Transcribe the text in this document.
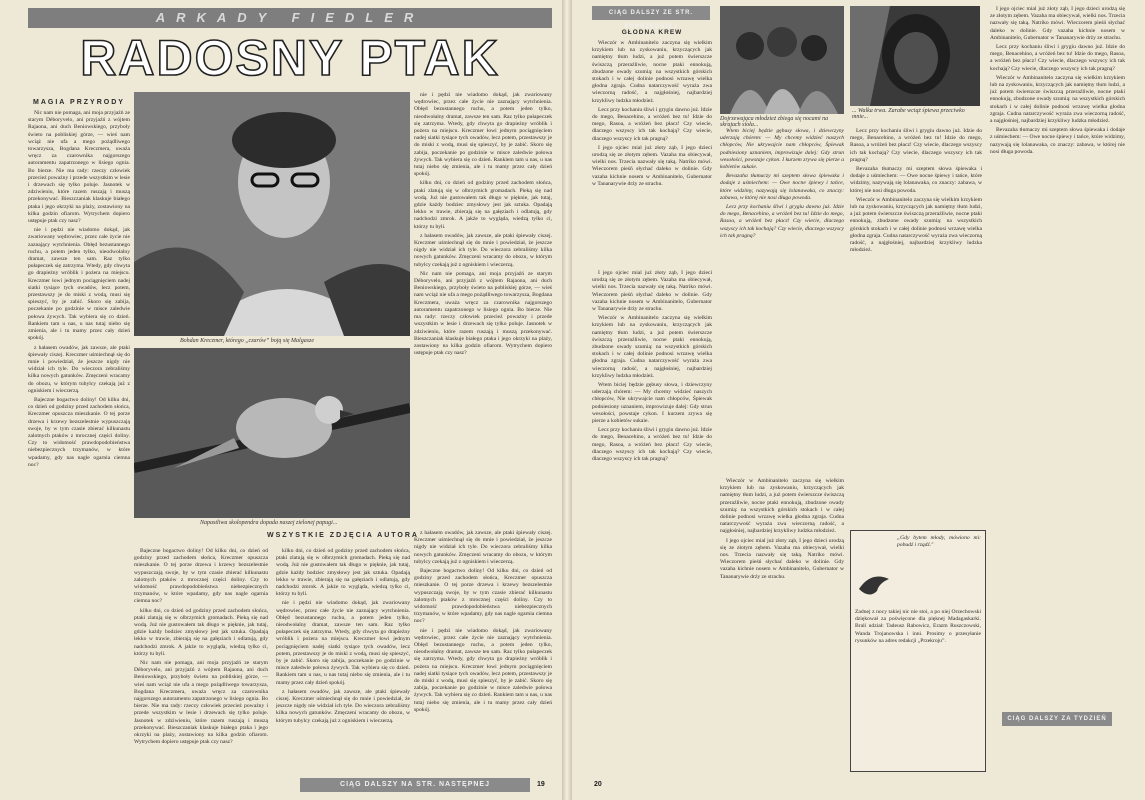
ARKADY FIEDLER
RADOSNY PTAK
MAGIA PRZYRODY

Nic nam nie pomaga, ani moja przyjaźń ze starym Déboryvelo, ani przyjaźń z wójtem Rajaona, ani duch Beniowskiego, przyboły świeto na pobliskiej górze, — wieś nam wciąż nie ufa a mego pożądliwego towarzysza, Bogdana Kreczmera, uważa wręcz za czarownika najgorszego autoramentu zapatrzonego w lisiego ognia. Bo bierze. Nie ma rady: rzeczy człowiek przecież poważny i przede wszystkim w lesie i drzewach się tylko poluje. Jasnotek w zdziwieniu, które razem ruszają i muszą przekonywać. Bieszczaniak klaskuje białego ptaka i jego okrzyki na plaży, zostawiony na kilka godzin ofiarom. Wytrychem dopiero ustępuje ptak czy nasz?

nie i pędzi nie wiadomo dokąd, jak zwariowany wędrowiec, przez całe życie nie zaznający wytchnienia. Obłęd bezustannego ruchu, a potem jeden tylko, nieodwołalny dramat, zawsze ten sam. Raz tylko pułapeczek się zatrzyma. Wtedy, gdy chwyta go drapieżny wróblik i pożera na miejscu. Kreczmer łowi jednym pociągnięciem nadej siatki tysiące tych owadów, lecz potem, przestawszy je do miski z wodą, musi się spieszyć, by je zabić. Skoro się zabija, poczekanie po godzinie w misce zaledwie połowa żywych. Tak wybiera się co dzień. Rankiem tam u nas, u nas tutaj niebo się zmienia, ale i tu mamy przez cały dzień spokój.

z hałasem owadów, jak zawsze, ale ptaki śpiewały ciszej. Kreczmer uśmiechnął się do mnie i powiedział, że jeszcze nigdy nie widział ich tyle. Do wieczora zebraliśmy kilka nowych gatunków. Zmęczeni wracamy do obozu, w którym tubylcy czekają już z ogniskiem i wieczerzą.

Bajeczne bogactwo doliny! Od kilku dni, co dzień od godziny przed zachodem słońca, Kreczmer opuszcza mieszkanie. O tej porze drzewa i krzewy bezszelestnie wypuszczają swoje, by w tym czasie zbierać kilkunastu zalotnych ptaków z mrocznej części doliny. Czy to widomość prawdopodobieństwa niebezpiecznych trzymanów, w które wpadamy, gdy nas nagle ogarnia ciemna noc?

Bohdan Kreczmer, którego „czarów” boją się Malgasze
Napastliwa skolopendra dopada naszej zielonej papugi...

nie i pędzi nie wiadomo dokąd, jak zwariowany wędrowiec, przez całe życie nie zaznający wytchnienia. Obłęd bezustannego ruchu, a potem jeden tylko, nieodwołalny dramat, zawsze ten sam. Raz tylko pułapeczek się zatrzyma. Wtedy, gdy chwyta go drapieżny wróblik i pożera na miejscu. Kreczmer łowi jednym pociągnięciem nadej siatki tysiące tych owadów, lecz potem, przestawszy je do miski z wodą, musi się spieszyć, by je zabić. Skoro się zabija, poczekanie po godzinie w misce zaledwie połowa żywych. Tak wybiera się co dzień. Rankiem tam u nas, u nas tutaj niebo się zmienia, ale i tu mamy przez cały dzień spokój.

kilku dni, co dzień od godziny przed zachodem słońca, ptaki zlatują się w olbrzymich gromadach. Pieką się nad wodą. Już nie gustowałem tak długo w pięknie, jak tutaj, gdzie każdy bodziec zmysłowy jest jak sztuka. Opadają lekko w trawie, zbierają się na gałęziach i odlatują, gdy nadchodzi zmrok. A jakże to wygląda, wiedzą tylko ci, którzy tu byli.

z hałasem owadów, jak zawsze, ale ptaki śpiewały ciszej. Kreczmer uśmiechnął się do mnie i powiedział, że jeszcze nigdy nie widział ich tyle. Do wieczora zebraliśmy kilka nowych gatunków. Zmęczeni wracamy do obozu, w którym tubylcy czekają już z ogniskiem i wieczerzą.

Nic nam nie pomaga, ani moja przyjaźń ze starym Déboryvelo, ani przyjaźń z wójtem Rajaona, ani duch Beniowskiego, przyboły świeto na pobliskiej górze, — wieś nam wciąż nie ufa a mego pożądliwego towarzysza, Bogdana Kreczmera, uważa wręcz za czarownika najgorszego autoramentu zapatrzonego w lisiego ognia. Bo bierze. Nie ma rady: rzeczy człowiek przecież poważny i przede wszystkim w lesie i drzewach się tylko poluje. Jasnotek w zdziwieniu, które razem ruszają i muszą przekonywać. Bieszczaniak klaskuje białego ptaka i jego okrzyki na plaży, zostawiony na kilka godzin ofiarom. Wytrychem dopiero ustępuje ptak czy nasz?

WSZYSTKIE ZDJĘCIA AUTORA

Bajeczne bogactwo doliny! Od kilku dni, co dzień od godziny przed zachodem słońca, Kreczmer opuszcza mieszkanie. O tej porze drzewa i krzewy bezszelestnie wypuszczają swoje, by w tym czasie zbierać kilkunastu zalotnych ptaków z mrocznej części doliny. Czy to widomość prawdopodobieństwa niebezpiecznych trzymanów, w które wpadamy, gdy nas nagle ogarnia ciemna noc?

kilku dni, co dzień od godziny przed zachodem słońca, ptaki zlatują się w olbrzymich gromadach. Pieką się nad wodą. Już nie gustowałem tak długo w pięknie, jak tutaj, gdzie każdy bodziec zmysłowy jest jak sztuka. Opadają lekko w trawie, zbierają się na gałęziach i odlatują, gdy nadchodzi zmrok. A jakże to wygląda, wiedzą tylko ci, którzy tu byli.

Nic nam nie pomaga, ani moja przyjaźń ze starym Déboryvelo, ani przyjaźń z wójtem Rajaona, ani duch Beniowskiego, przyboły świeto na pobliskiej górze, — wieś nam wciąż nie ufa a mego pożądliwego towarzysza, Bogdana Kreczmera, uważa wręcz za czarownika najgorszego autoramentu zapatrzonego w lisiego ognia. Bo bierze. Nie ma rady: rzeczy człowiek przecież poważny i przede wszystkim w lesie i drzewach się tylko poluje. Jasnotek w zdziwieniu, które razem ruszają i muszą przekonywać. Bieszczaniak klaskuje białego ptaka i jego okrzyki na plaży, zostawiony na kilka godzin ofiarom. Wytrychem dopiero ustępuje ptak czy nasz?

kilku dni, co dzień od godziny przed zachodem słońca, ptaki zlatują się w olbrzymich gromadach. Pieką się nad wodą. Już nie gustowałem tak długo w pięknie, jak tutaj, gdzie każdy bodziec zmysłowy jest jak sztuka. Opadają lekko w trawie, zbierają się na gałęziach i odlatują, gdy nadchodzi zmrok. A jakże to wygląda, wiedzą tylko ci, którzy tu byli.

nie i pędzi nie wiadomo dokąd, jak zwariowany wędrowiec, przez całe życie nie zaznający wytchnienia. Obłęd bezustannego ruchu, a potem jeden tylko, nieodwołalny dramat, zawsze ten sam. Raz tylko pułapeczek się zatrzyma. Wtedy, gdy chwyta go drapieżny wróblik i pożera na miejscu. Kreczmer łowi jednym pociągnięciem nadej siatki tysiące tych owadów, lecz potem, przestawszy je do miski z wodą, musi się spieszyć, by je zabić. Skoro się zabija, poczekanie po godzinie w misce zaledwie połowa żywych. Tak wybiera się co dzień. Rankiem tam u nas, u nas tutaj niebo się zmienia, ale i tu mamy przez cały dzień spokój.

z hałasem owadów, jak zawsze, ale ptaki śpiewały ciszej. Kreczmer uśmiechnął się do mnie i powiedział, że jeszcze nigdy nie widział ich tyle. Do wieczora zebraliśmy kilka nowych gatunków. Zmęczeni wracamy do obozu, w którym tubylcy czekają już z ogniskiem i wieczerzą.

z hałasem owadów, jak zawsze, ale ptaki śpiewały ciszej. Kreczmer uśmiechnął się do mnie i powiedział, że jeszcze nigdy nie widział ich tyle. Do wieczora zebraliśmy kilka nowych gatunków. Zmęczeni wracamy do obozu, w którym tubylcy czekają już z ogniskiem i wieczerzą.

Bajeczne bogactwo doliny! Od kilku dni, co dzień od godziny przed zachodem słońca, Kreczmer opuszcza mieszkanie. O tej porze drzewa i krzewy bezszelestnie wypuszczają swoje, by w tym czasie zbierać kilkunastu zalotnych ptaków z mrocznej części doliny. Czy to widomość prawdopodobieństwa niebezpiecznych trzymanów, w które wpadamy, gdy nas nagle ogarnia ciemna noc?

nie i pędzi nie wiadomo dokąd, jak zwariowany wędrowiec, przez całe życie nie zaznający wytchnienia. Obłęd bezustannego ruchu, a potem jeden tylko, nieodwołalny dramat, zawsze ten sam. Raz tylko pułapeczek się zatrzyma. Wtedy, gdy chwyta go drapieżny wróblik i pożera na miejscu. Kreczmer łowi jednym pociągnięciem nadej siatki tysiące tych owadów, lecz potem, przestawszy je do miski z wodą, musi się spieszyć, by je zabić. Skoro się zabija, poczekanie po godzinie w misce zaledwie połowa żywych. Tak wybiera się co dzień. Rankiem tam u nas, u nas tutaj niebo się zmienia, ale i tu mamy przez cały dzień spokój.

CIĄG DALSZY NA STR. NASTĘPNEJ	19
CIĄG DALSZY ZE STR. POPRZEDNIEJ
GŁODNA KREW

Wieczór w Ambinanitelo zaczyna się wielkim krzykiem lub na zyskowaniu, krzyczących jak namiętny tłum ludzi, a już potem świerszcze świszczą przeraźliwie, nocne ptaki ennokują, zbudzone owady szumią: na wszystkich górskich stokach i w całej dolinie podnosi wrzawę wielka głodna zgraja. Cudna natarczywość wyraża zwa wieczorną radość, a najgłośniej, najbardziej krzykliwy ludzka młodzież.

Lecz przy kochaniu śliwi i grygiu dawno już. Idzie do mego, Benacehino, a wróżeń bez tu! Idzie do mego, Rasoa, a wróżeń bez płacz! Czy wiecie, dlaczego wszyscy ich tak kochają? Czy wiecie, dlaczego wszyscy ich tak pragną?

I jego ojciec mial już złoty ząb, I jego dzieci urodzą się ze złotym zębem. Vazaha ma obiecywał, wielki nos. Trzecia nazwały się taką. Natriko mówi. Wieczorem pieśń słychać daleko w dolinie. Gdy vazaha kichnie nosem w Ambinanitelo, Gubernator w Tananarywie drży ze strachu.

Dojrzewająca młodzież zbiega się nocami na skrajach sioła...
... Walka trwa. Zarabe wciąż śpiewa przeciwko mnie...

Wtem biciej będzie gębusy słowa, i dziewczyny uderzają chórem: — My chcemy widzieć naszych chłopców, Nie ukrywajcie nam chłopców, Śpiewak podniesiony uznaniem, improwizuje dalej: Gdy strun wesołości, powstaje cykon. I kurzem zrywa się pierze a kobietów sukaie.

Bevazaha tłumaczy mi szeptem słowa śpiewaka i dodaje z uśmiechem: — Owe nocne śpiewy i tańce, które widzimy, nazywają się lolanawaka, co znaczy: zabawa, w której nie nosi długa powoda.

Lecz przy kochaniu śliwi i grygiu dawno już. Idzie do mego, Benacehino, a wróżeń bez tu! Idzie do mego, Rasoa, a wróżeń bez płacz! Czy wiecie, dlaczego wszyscy ich tak kochają? Czy wiecie, dlaczego wszyscy ich tak pragną?

Lecz przy kochaniu śliwi i grygiu dawno już. Idzie do mego, Benacehino, a wróżeń bez tu! Idzie do mego, Rasoa, a wróżeń bez płacz! Czy wiecie, dlaczego wszyscy ich tak kochają? Czy wiecie, dlaczego wszyscy ich tak pragną?

Bevazaha tłumaczy mi szeptem słowa śpiewaka i dodaje z uśmiechem: — Owe nocne śpiewy i tańce, które widzimy, nazywają się lolanawaka, co znaczy: zabawa, w której nie nosi długa powoda.

Wieczór w Ambinanitelo zaczyna się wielkim krzykiem lub na zyskowaniu, krzyczących jak namiętny tłum ludzi, a już potem świerszcze świszczą przeraźliwie, nocne ptaki ennokują, zbudzone owady szumią: na wszystkich górskich stokach i w całej dolinie podnosi wrzawę wielka głodna zgraja. Cudna natarczywość wyraża zwa wieczorną radość, a najgłośniej, najbardziej krzykliwy ludzka młodzież.

I jego ojciec mial już złoty ząb, I jego dzieci urodzą się ze złotym zębem. Vazaha ma obiecywał, wielki nos. Trzecia nazwały się taką. Natriko mówi. Wieczorem pieśń słychać daleko w dolinie. Gdy vazaha kichnie nosem w Ambinanitelo, Gubernator w Tananarywie drży ze strachu.

Wieczór w Ambinanitelo zaczyna się wielkim krzykiem lub na zyskowaniu, krzyczących jak namiętny tłum ludzi, a już potem świerszcze świszczą przeraźliwie, nocne ptaki ennokują, zbudzone owady szumią: na wszystkich górskich stokach i w całej dolinie podnosi wrzawę wielka głodna zgraja. Cudna natarczywość wyraża zwa wieczorną radość, a najgłośniej, najbardziej krzykliwy ludzka młodzież.

Wtem biciej będzie gębusy słowa, i dziewczyny uderzają chórem: — My chcemy widzieć naszych chłopców, Nie ukrywajcie nam chłopców, Śpiewak podniesiony uznaniem, improwizuje dalej: Gdy strun wesołości, powstaje cykon. I kurzem zrywa się pierze a kobietów sukaie.

Lecz przy kochaniu śliwi i grygiu dawno już. Idzie do mego, Benacehino, a wróżeń bez tu! Idzie do mego, Rasoa, a wróżeń bez płacz! Czy wiecie, dlaczego wszyscy ich tak kochają? Czy wiecie, dlaczego wszyscy ich tak pragną?

Wieczór w Ambinanitelo zaczyna się wielkim krzykiem lub na zyskowaniu, krzyczących jak namiętny tłum ludzi, a już potem świerszcze świszczą przeraźliwie, nocne ptaki ennokują, zbudzone owady szumią: na wszystkich górskich stokach i w całej dolinie podnosi wrzawę wielka głodna zgraja. Cudna natarczywość wyraża zwa wieczorną radość, a najgłośniej, najbardziej krzykliwy ludzka młodzież.

I jego ojciec mial już złoty ząb, I jego dzieci urodzą się ze złotym zębem. Vazaha ma obiecywał, wielki nos. Trzecia nazwały się taką. Natriko mówi. Wieczorem pieśń słychać daleko w dolinie. Gdy vazaha kichnie nosem w Ambinanitelo, Gubernator w Tananarywie drży ze strachu.

I jego ojciec mial już złoty ząb, I jego dzieci urodzą się ze złotym zębem. Vazaha ma obiecywał, wielki nos. Trzecia nazwały się taką. Natriko mówi. Wieczorem pieśń słychać daleko w dolinie. Gdy vazaha kichnie nosem w Ambinanitelo, Gubernator w Tananarywie drży ze strachu.

Lecz przy kochaniu śliwi i grygiu dawno już. Idzie do mego, Benacehino, a wróżeń bez tu! Idzie do mego, Rasoa, a wróżeń bez płacz! Czy wiecie, dlaczego wszyscy ich tak kochają? Czy wiecie, dlaczego wszyscy ich tak pragną?

Wieczór w Ambinanitelo zaczyna się wielkim krzykiem lub na zyskowaniu, krzyczących jak namiętny tłum ludzi, a już potem świerszcze świszczą przeraźliwie, nocne ptaki ennokują, zbudzone owady szumią: na wszystkich górskich stokach i w całej dolinie podnosi wrzawę wielka głodna zgraja. Cudna natarczywość wyraża zwa wieczorną radość, a najgłośniej, najbardziej krzykliwy ludzka młodzież.

Bevazaha tłumaczy mi szeptem słowa śpiewaka i dodaje z uśmiechem: — Owe nocne śpiewy i tańce, które widzimy, nazywają się lolanawaka, co znaczy: zabawa, w której nie nosi długa powoda.

„Gdy bytem młody, mówiono mi: pobudź i rządź."
Żadnej z nocy takiej nic nie stoi, a po niej Orzechowski dziękował za poświęcone dla pięknej Madagaskarki. Brali udział: Tadeusz Rabowicz, Erazm Ruszczowski, Wanda Trojanowska i inni. Prosimy o przesyłanie rysunków na adres redakcji „Przekroju”.
20
CIĄG DALSZY ZA TYDZIEŃ
